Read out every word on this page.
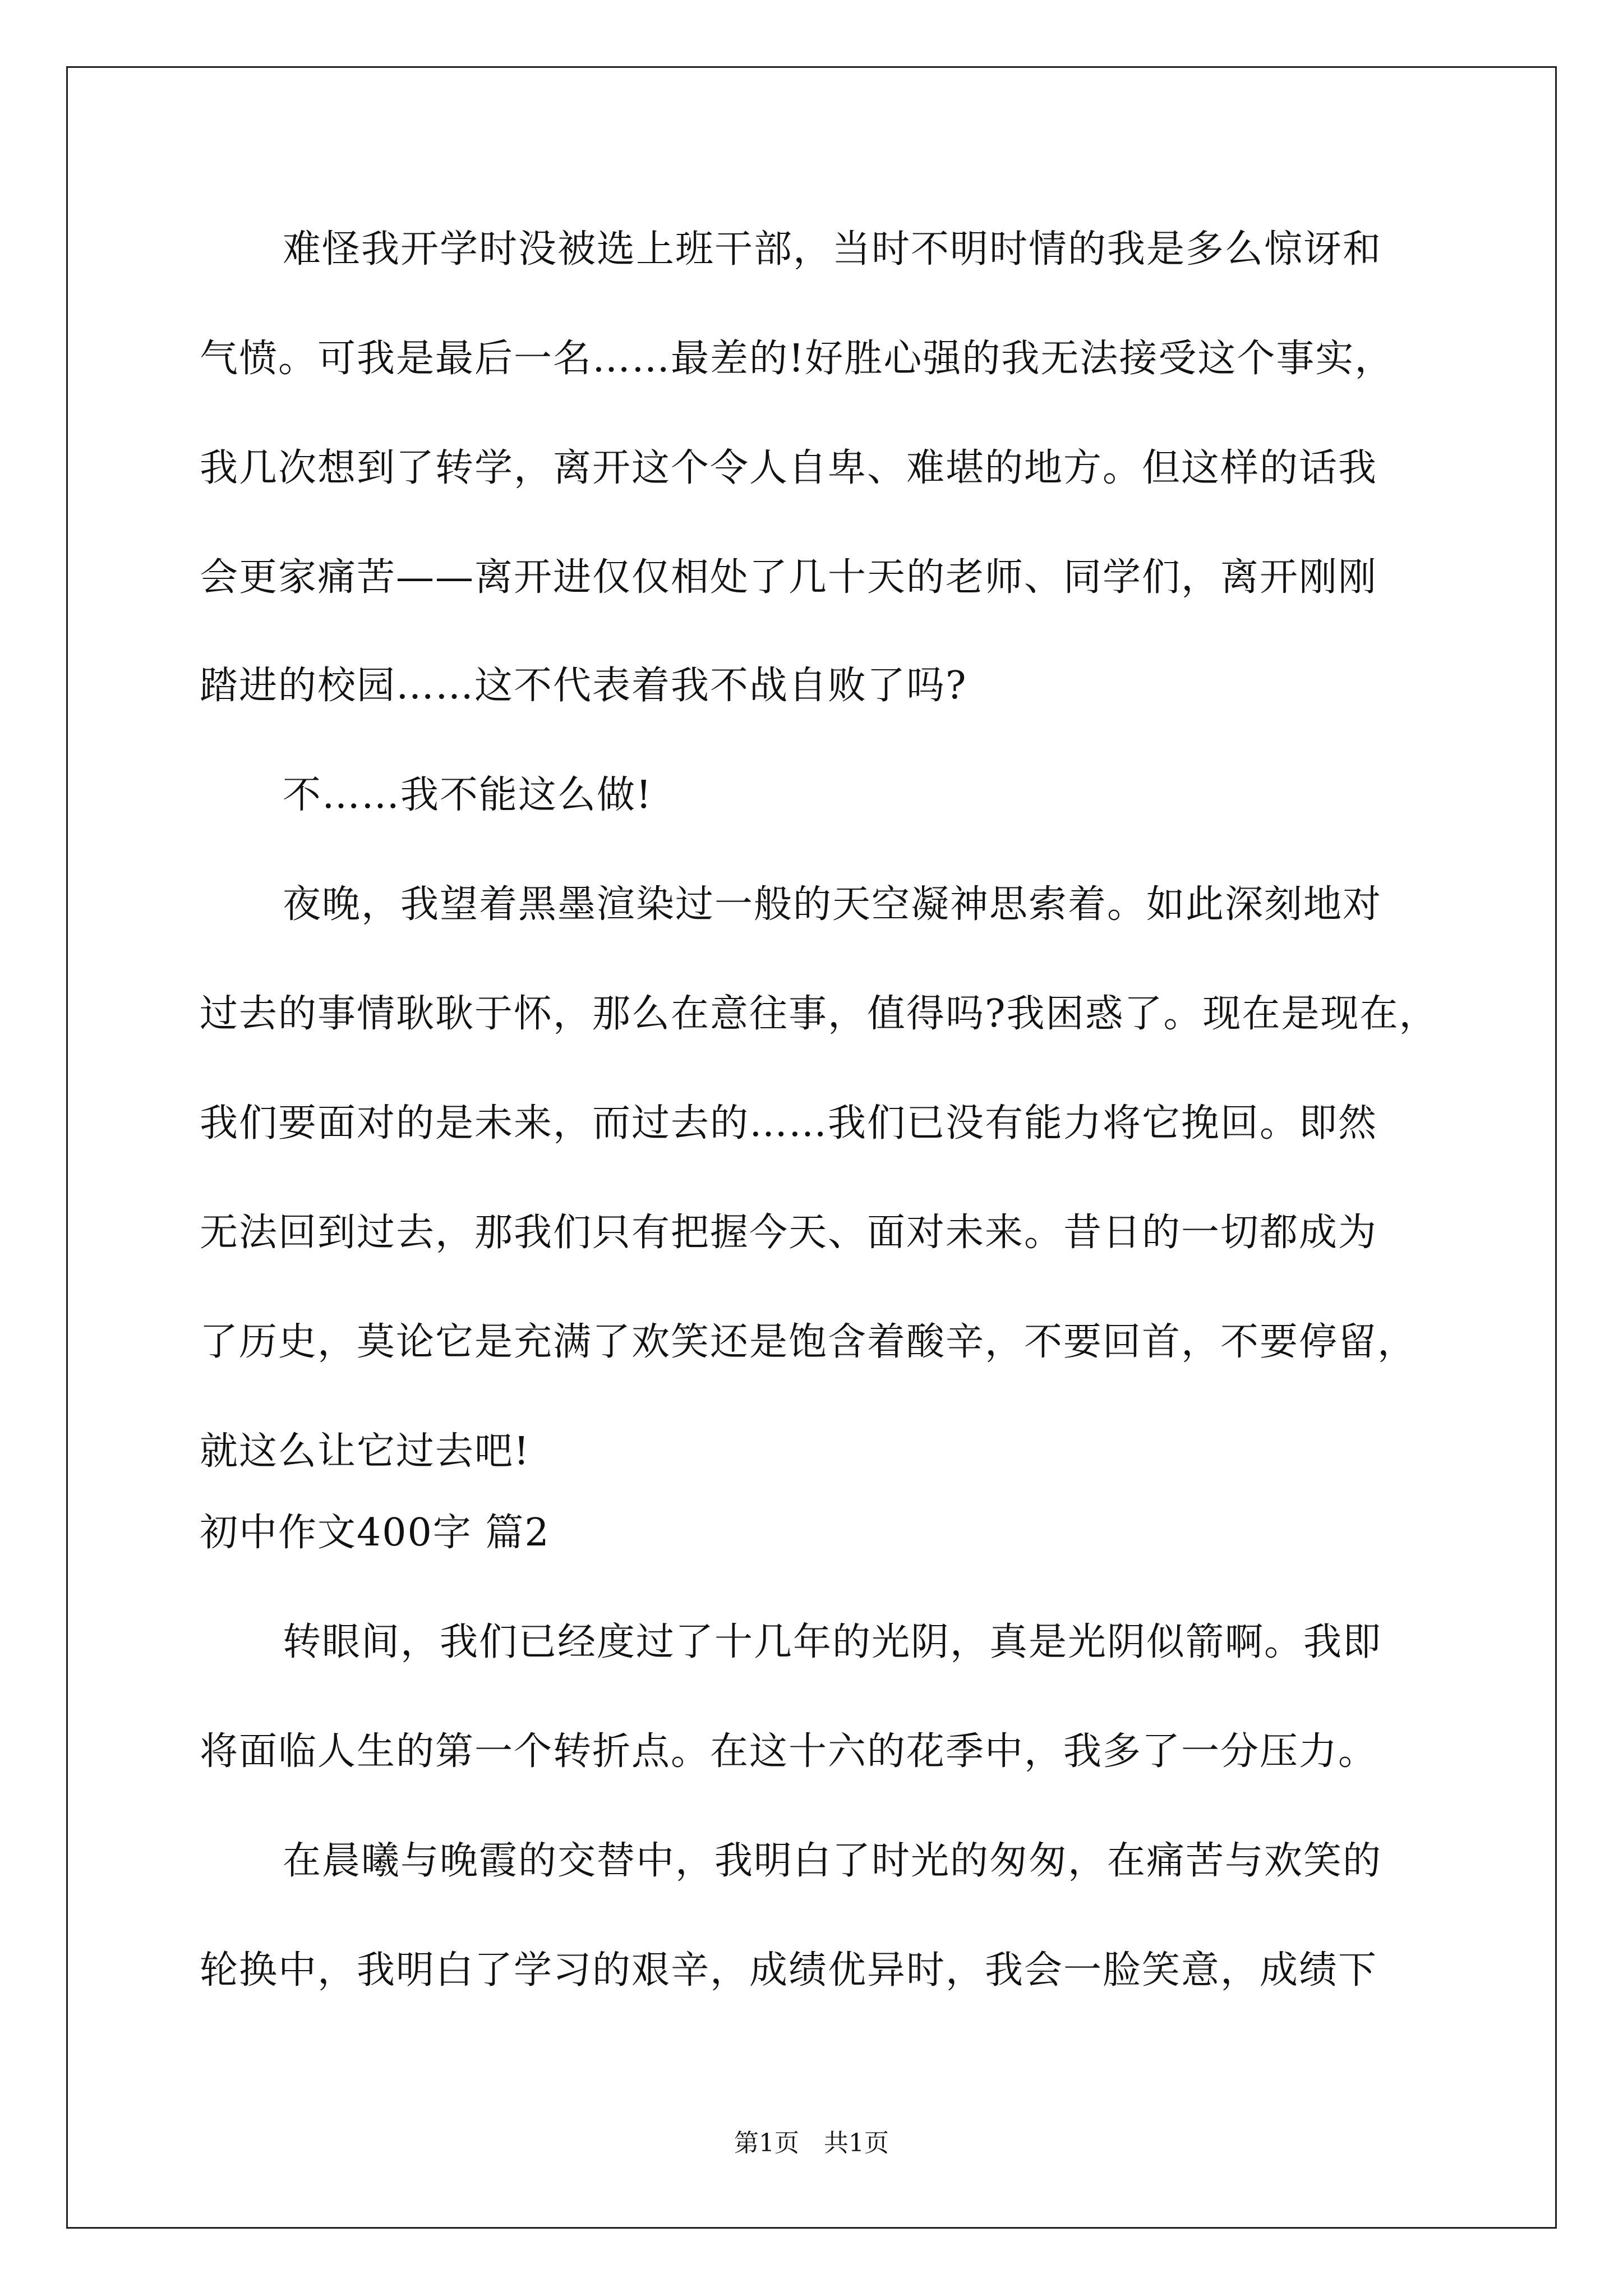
难怪我开学时没被选上班干部，当时不明时情的我是多么惊讶和
气愤。可我是最后一名……最差的!好胜心强的我无法接受这个事实，
我几次想到了转学，离开这个令人自卑、难堪的地方。但这样的话我
会更家痛苦——离开进仅仅相处了几十天的老师、同学们，离开刚刚
踏进的校园……这不代表着我不战自败了吗?
不……我不能这么做!
夜晚，我望着黑墨渲染过一般的天空凝神思索着。如此深刻地对
过去的事情耿耿于怀，那么在意往事，值得吗?我困惑了。现在是现在，
我们要面对的是未来，而过去的……我们已没有能力将它挽回。即然
无法回到过去，那我们只有把握今天、面对未来。昔日的一切都成为
了历史，莫论它是充满了欢笑还是饱含着酸辛，不要回首，不要停留，
就这么让它过去吧!
初中作文400字 篇2
转眼间，我们已经度过了十几年的光阴，真是光阴似箭啊。我即
将面临人生的第一个转折点。在这十六的花季中，我多了一分压力。
在晨曦与晚霞的交替中，我明白了时光的匆匆，在痛苦与欢笑的
轮换中，我明白了学习的艰辛，成绩优异时，我会一脸笑意，成绩下
第1页　共1页
